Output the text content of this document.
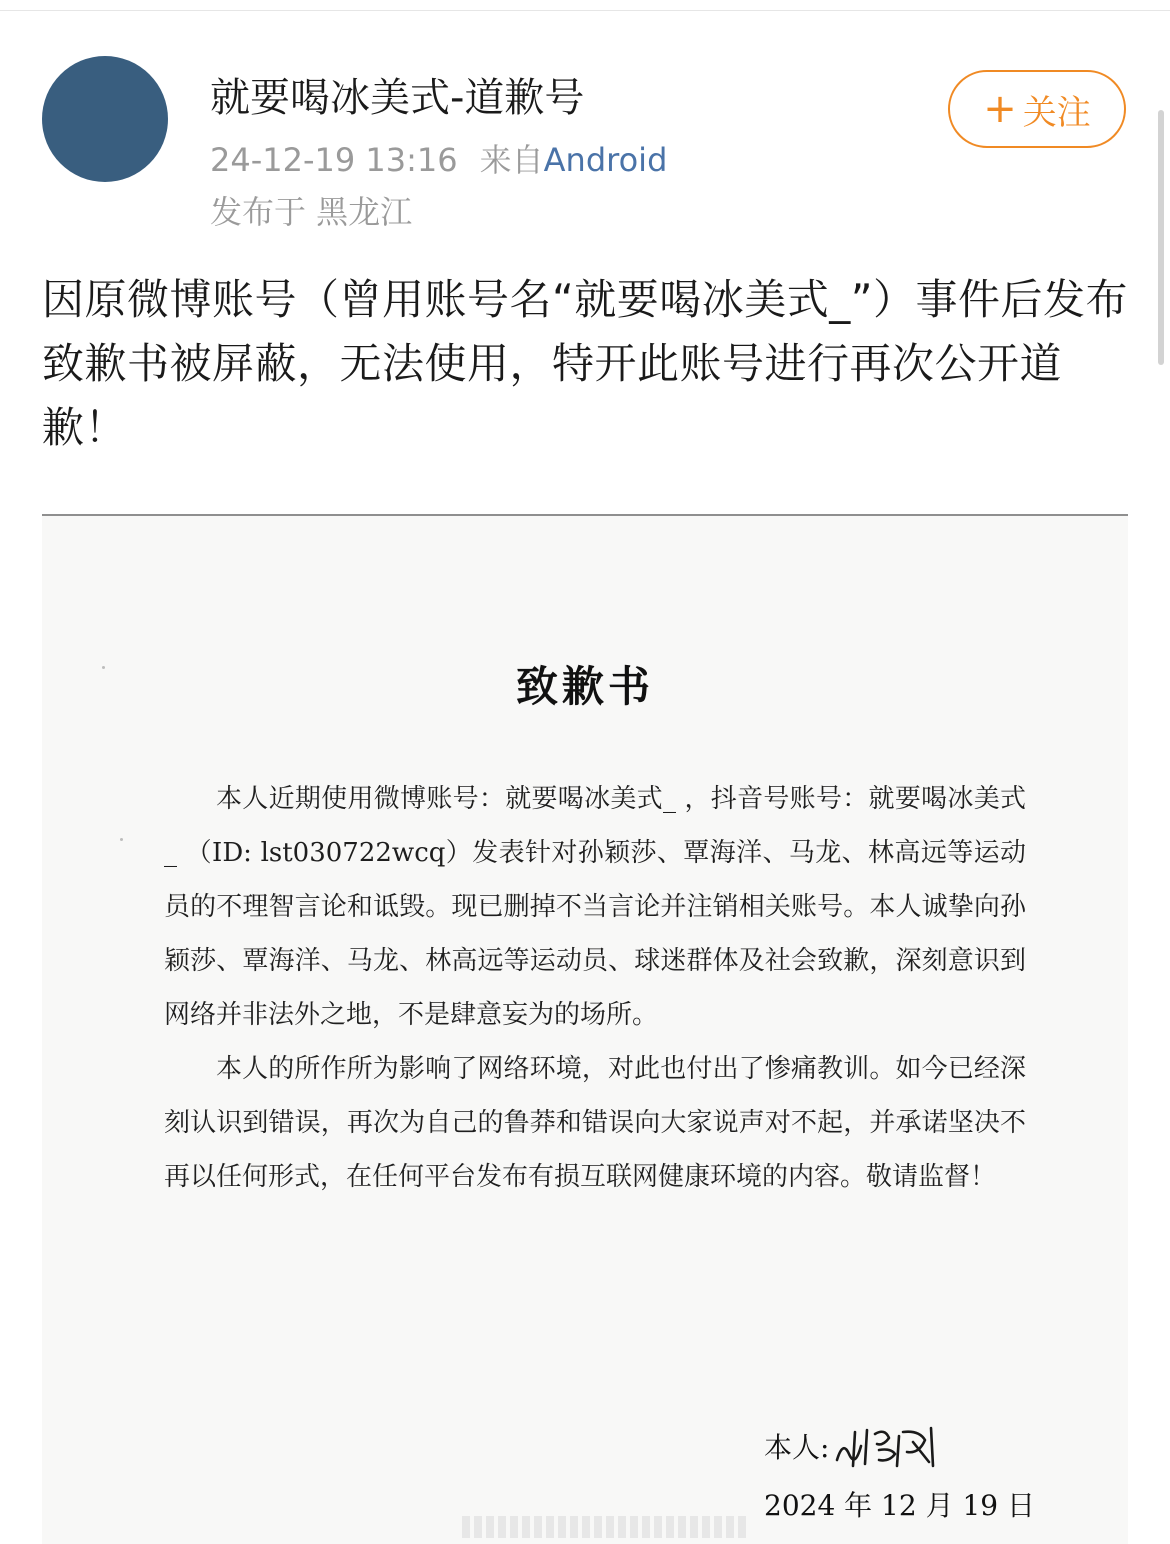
就要喝冰美式-道歉号
24-12-19 13:16 来自Android
发布于 黑龙江
+ 关注
因原微博账号（曾用账号名“就要喝冰美式_”）事件后发布致歉书被屏蔽，无法使用，特开此账号进行再次公开道歉！
致歉书

本人近期使用微博账号：就要喝冰美式_ ，抖音号账号：就要喝冰美式_ （ID: lst030722wcq）发表针对孙颖莎、覃海洋、马龙、林高远等运动员的不理智言论和诋毁。现已删掉不当言论并注销相关账号。本人诚挚向孙颖莎、覃海洋、马龙、林高远等运动员、球迷群体及社会致歉，深刻意识到网络并非法外之地，不是肆意妄为的场所。

本人的所作所为影响了网络环境，对此也付出了惨痛教训。如今已经深刻认识到错误，再次为自己的鲁莽和错误向大家说声对不起，并承诺坚决不再以任何形式，在任何平台发布有损互联网健康环境的内容。敬请监督！

本人:
2024 年 12 月 19 日
